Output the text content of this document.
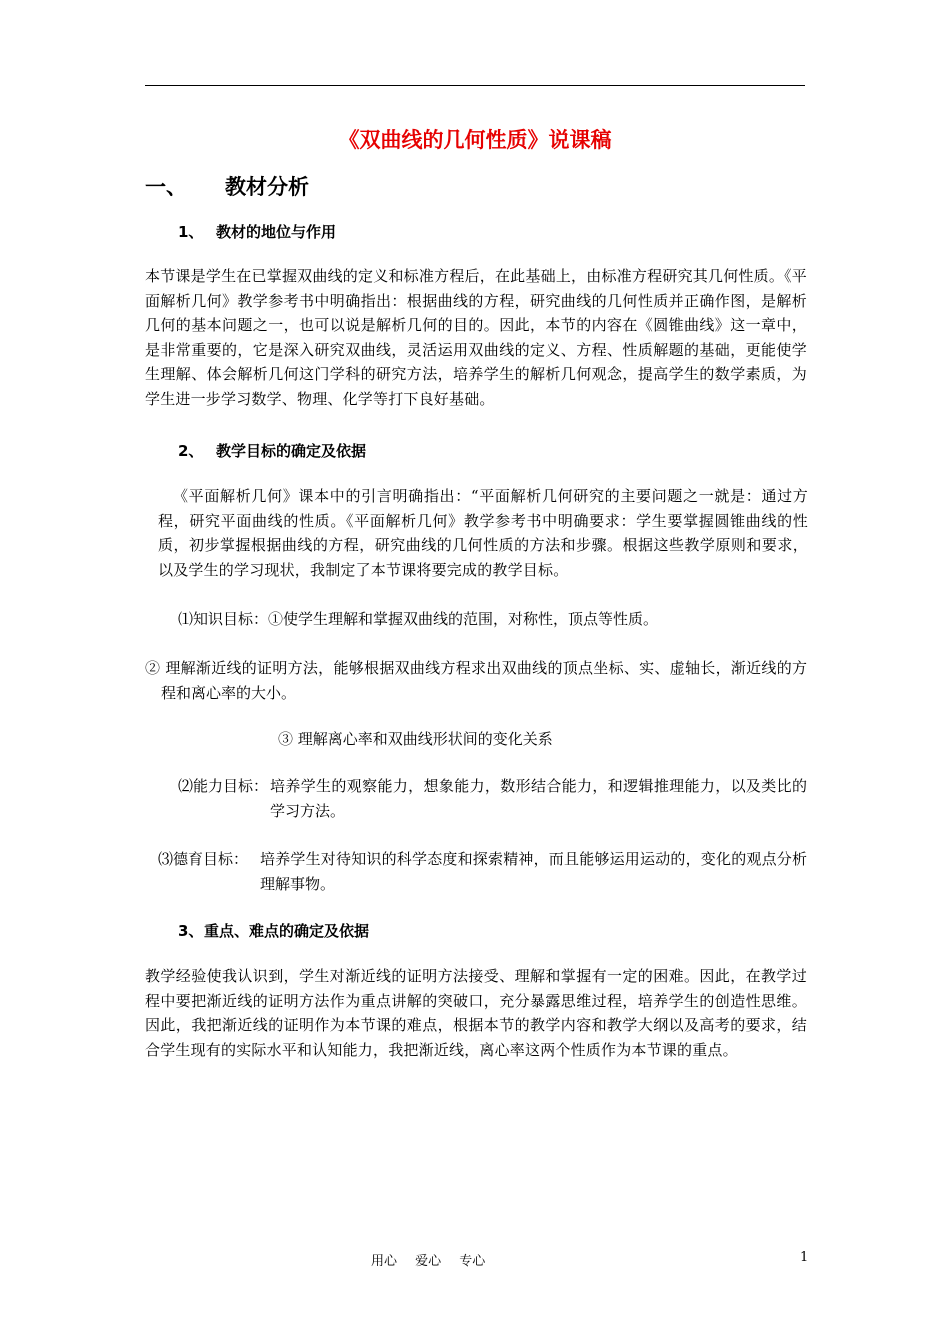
《双曲线的几何性质》说课稿
一、 教材分析
1、 教材的地位与作用

本节课是学生在已掌握双曲线的定义和标准方程后，在此基础上，由标准方程研究其几何性质。《平面解析几何》教学参考书中明确指出：根据曲线的方程，研究曲线的几何性质并正确作图，是解析几何的基本问题之一，也可以说是解析几何的目的。因此，本节的内容在《圆锥曲线》这一章中，是非常重要的，它是深入研究双曲线，灵活运用双曲线的定义、方程、性质解题的基础，更能使学生理解、体会解析几何这门学科的研究方法，培养学生的解析几何观念，提高学生的数学素质，为学生进一步学习数学、物理、化学等打下良好基础。

2、 教学目标的确定及依据

《平面解析几何》课本中的引言明确指出：“平面解析几何研究的主要问题之一就是：通过方程，研究平面曲线的性质。《平面解析几何》教学参考书中明确要求：学生要掌握圆锥曲线的性质，初步掌握根据曲线的方程，研究曲线的几何性质的方法和步骤。根据这些教学原则和要求，以及学生的学习现状，我制定了本节课将要完成的教学目标。

⑴知识目标：①使学生理解和掌握双曲线的范围，对称性，顶点等性质。
② 理解渐近线的证明方法，能够根据双曲线方程求出双曲线的顶点坐标、实、虚轴长，渐近线的方程和离心率的大小。
③ 理解离心率和双曲线形状间的变化关系
⑵能力目标： 培养学生的观察能力，想象能力，数形结合能力，和逻辑推理能力，以及类比的学习方法。
⑶德育目标： 培养学生对待知识的科学态度和探索精神，而且能够运用运动的，变化的观点分析理解事物。
3、重点、难点的确定及依据

教学经验使我认识到，学生对渐近线的证明方法接受、理解和掌握有一定的困难。因此，在教学过程中要把渐近线的证明方法作为重点讲解的突破口，充分暴露思维过程，培养学生的创造性思维。因此，我把渐近线的证明作为本节课的难点，根据本节的教学内容和教学大纲以及高考的要求，结合学生现有的实际水平和认知能力，我把渐近线，离心率这两个性质作为本节课的重点。

用心 爱心 专心	1
